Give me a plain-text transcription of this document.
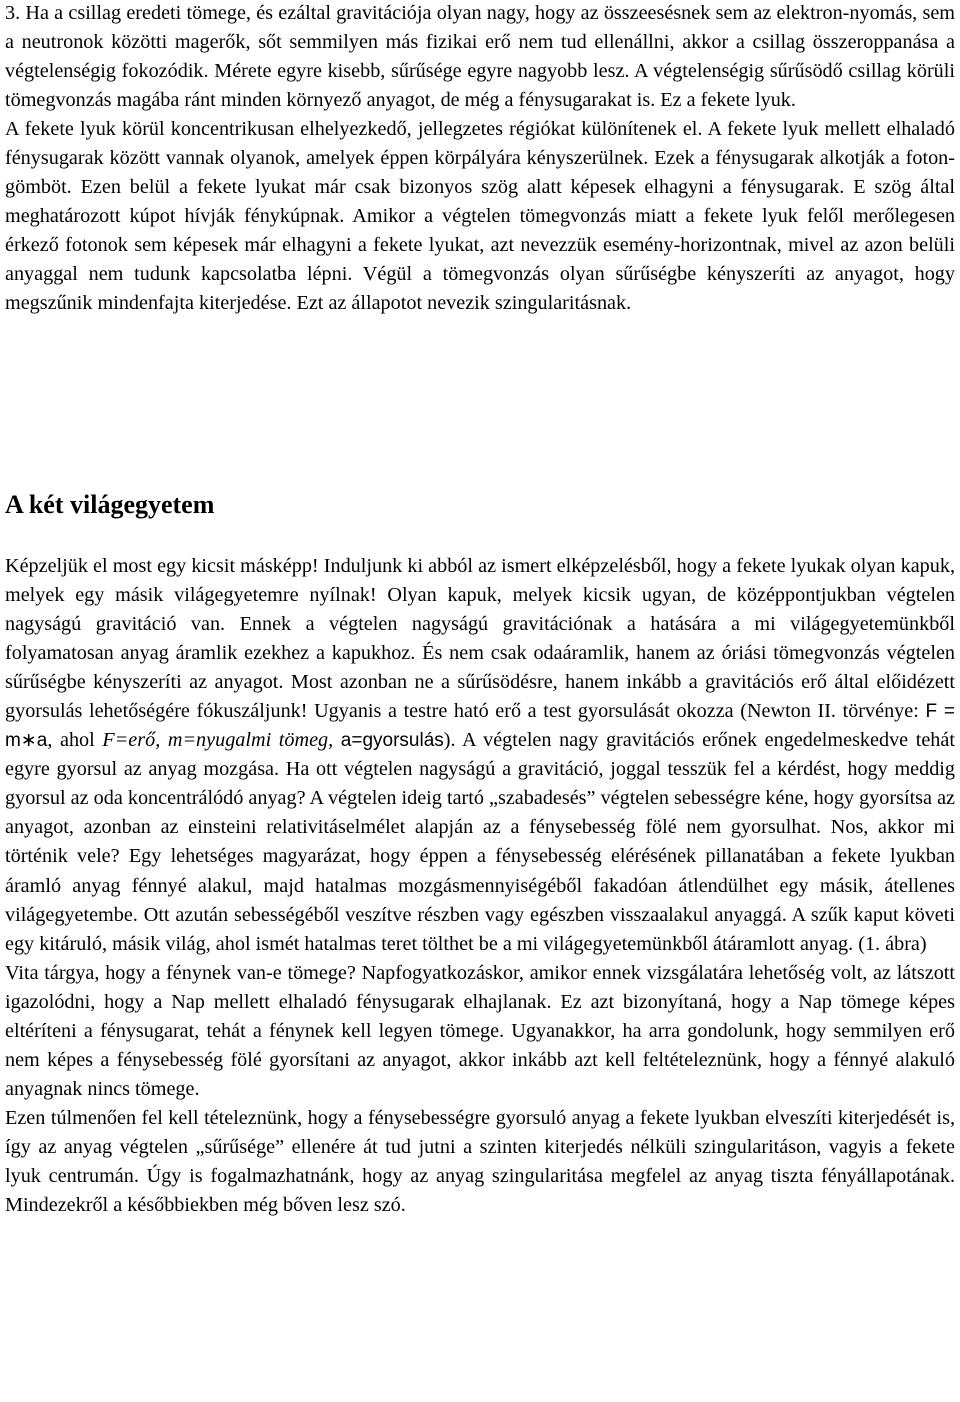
3. Ha a csillag eredeti tömege, és ezáltal gravitációja olyan nagy, hogy az összeesésnek sem az elektron-nyomás, sem a neutronok közötti magerők, sőt semmilyen más fizikai erő nem tud ellenállni, akkor a csillag összeroppanása a végtelenségig fokozódik. Mérete egyre kisebb, sűrűsége egyre nagyobb lesz. A végtelenségig sűrűsödő csillag körüli tömegvonzás magába ránt minden környező anyagot, de még a fénysugarakat is. Ez a fekete lyuk.
A fekete lyuk körül koncentrikusan elhelyezkedő, jellegzetes régiókat különítenek el. A fekete lyuk mellett elhaladó fénysugarak között vannak olyanok, amelyek éppen körpályára kényszerülnek. Ezek a fénysugarak alkotják a foton-gömböt. Ezen belül a fekete lyukat már csak bizonyos szög alatt képesek elhagyni a fénysugarak. E szög által meghatározott kúpot hívják fénykúpnak. Amikor a végtelen tömegvonzás miatt a fekete lyuk felől merőlegesen érkező fotonok sem képesek már elhagyni a fekete lyukat, azt nevezzük esemény-horizontnak, mivel az azon belüli anyaggal nem tudunk kapcsolatba lépni. Végül a tömegvonzás olyan sűrűségbe kényszeríti az anyagot, hogy megszűnik mindenfajta kiterjedése. Ezt az állapotot nevezik szingularitásnak.

A két világegyetem

Képzeljük el most egy kicsit másképp! Induljunk ki abból az ismert elképzelésből, hogy a fekete lyukak olyan kapuk, melyek egy másik világegyetemre nyílnak! Olyan kapuk, melyek kicsik ugyan, de középpontjukban végtelen nagyságú gravitáció van. Ennek a végtelen nagyságú gravitációnak a hatására a mi világegyetemünkből folyamatosan anyag áramlik ezekhez a kapukhoz. És nem csak odaáramlik, hanem az óriási tömegvonzás végtelen sűrűségbe kényszeríti az anyagot. Most azonban ne a sűrűsödésre, hanem inkább a gravitációs erő által előidézett gyorsulás lehetőségére fókuszáljunk! Ugyanis a testre ható erő a test gyorsulását okozza (Newton II. törvénye: F = m∗a, ahol F=erő, m=nyugalmi tömeg, a=gyorsulás). A végtelen nagy gravitációs erőnek engedelmeskedve tehát egyre gyorsul az anyag mozgása. Ha ott végtelen nagyságú a gravitáció, joggal tesszük fel a kérdést, hogy meddig gyorsul az oda koncentrálódó anyag? A végtelen ideig tartó „szabadesés” végtelen sebességre kéne, hogy gyorsítsa az anyagot, azonban az einsteini relativitáselmélet alapján az a fénysebesség fölé nem gyorsulhat. Nos, akkor mi történik vele? Egy lehetséges magyarázat, hogy éppen a fénysebesség elérésének pillanatában a fekete lyukban áramló anyag fénnyé alakul, majd hatalmas mozgásmennyiségéből fakadóan átlendülhet egy másik, átellenes világegyetembe. Ott azután sebességéből veszítve részben vagy egészben visszaalakul anyaggá. A szűk kaput követi egy kitáruló, másik világ, ahol ismét hatalmas teret tölthet be a mi világegyetemünkből átáramlott anyag. (1. ábra)

Vita tárgya, hogy a fénynek van-e tömege? Napfogyatkozáskor, amikor ennek vizsgálatára lehetőség volt, az látszott igazolódni, hogy a Nap mellett elhaladó fénysugarak elhajlanak. Ez azt bizonyítaná, hogy a Nap tömege képes eltéríteni a fénysugarat, tehát a fénynek kell legyen tömege. Ugyanakkor, ha arra gondolunk, hogy semmilyen erő nem képes a fénysebesség fölé gyorsítani az anyagot, akkor inkább azt kell feltételeznünk, hogy a fénnyé alakuló anyagnak nincs tömege.

Ezen túlmenően fel kell tételeznünk, hogy a fénysebességre gyorsuló anyag a fekete lyukban elveszíti kiterjedését is, így az anyag végtelen „sűrűsége” ellenére át tud jutni a szinten kiterjedés nélküli szingularitáson, vagyis a fekete lyuk centrumán. Úgy is fogalmazhatnánk, hogy az anyag szingularitása megfelel az anyag tiszta fényállapotának. Mindezekről a későbbiekben még bőven lesz szó.
